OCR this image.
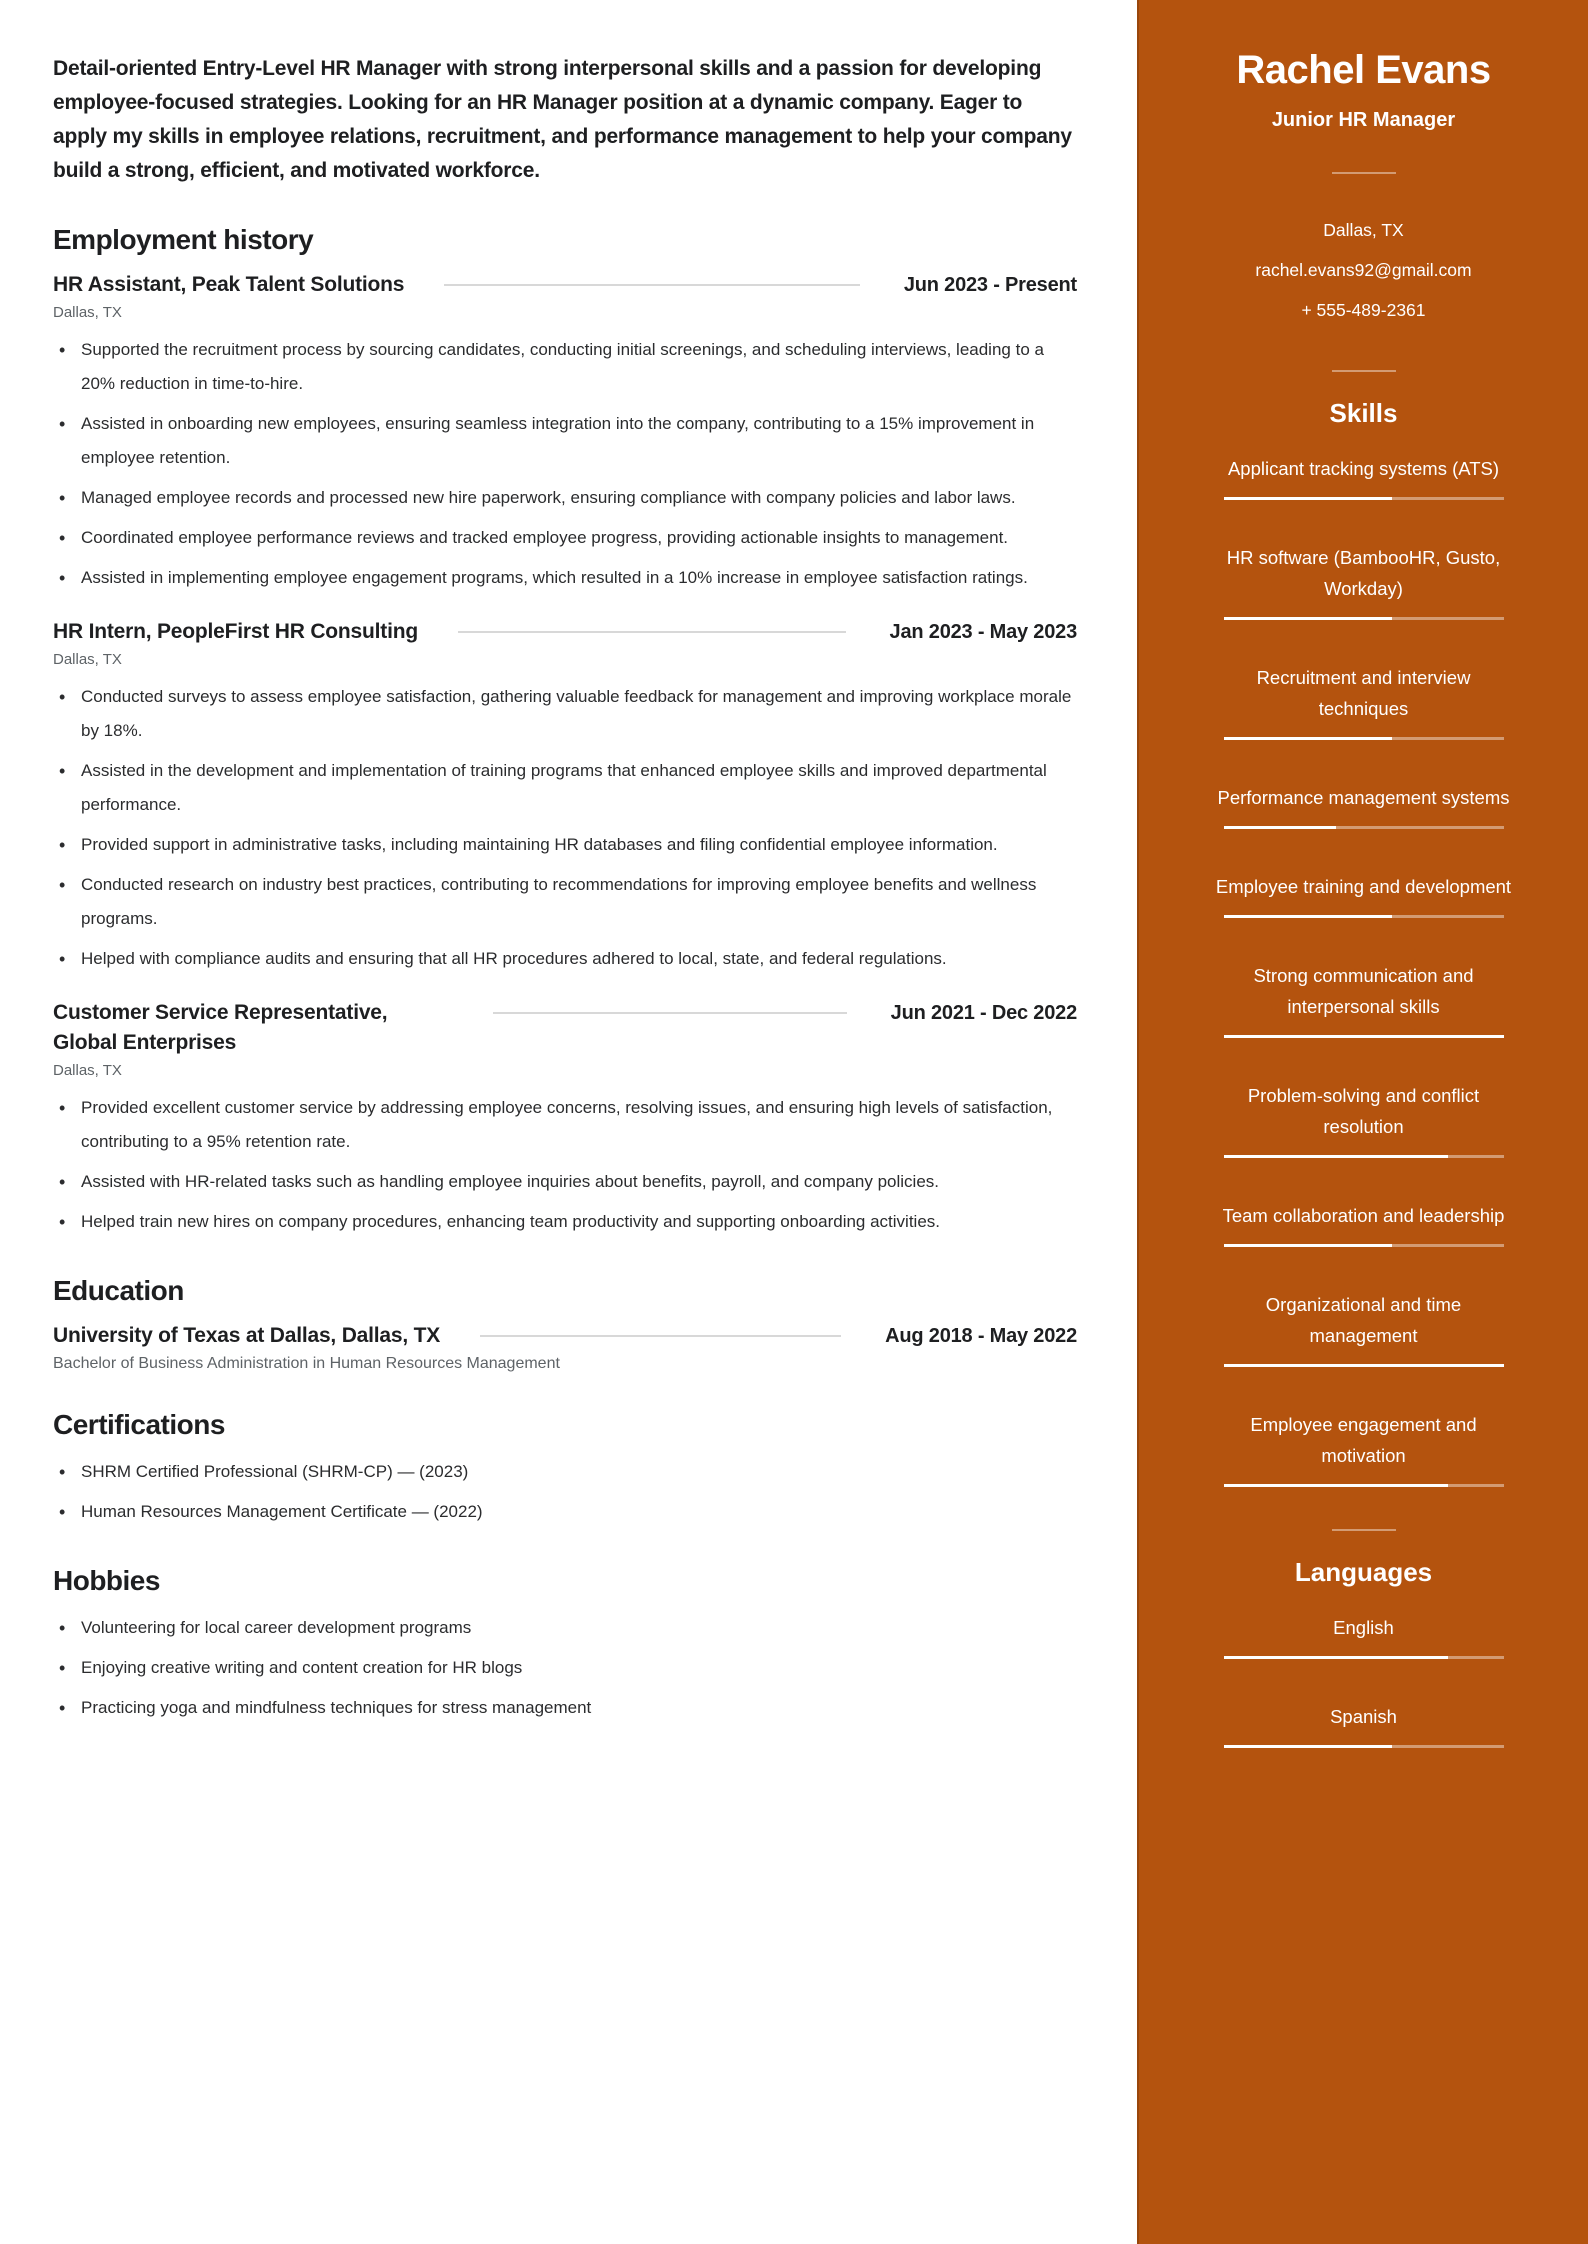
Detail-oriented Entry-Level HR Manager with strong interpersonal skills and a passion for developing employee-focused strategies. Looking for an HR Manager position at a dynamic company. Eager to apply my skills in employee relations, recruitment, and performance management to help your company build a strong, efficient, and motivated workforce.

Employment history
HR Assistant, Peak Talent Solutions	Jun 2023 - Present
Dallas, TX
• Supported the recruitment process by sourcing candidates, conducting initial screenings, and scheduling interviews, leading to a 20% reduction in time-to-hire.
• Assisted in onboarding new employees, ensuring seamless integration into the company, contributing to a 15% improvement in employee retention.
• Managed employee records and processed new hire paperwork, ensuring compliance with company policies and labor laws.
• Coordinated employee performance reviews and tracked employee progress, providing actionable insights to management.
• Assisted in implementing employee engagement programs, which resulted in a 10% increase in employee satisfaction ratings.
HR Intern, PeopleFirst HR Consulting	Jan 2023 - May 2023
Dallas, TX
• Conducted surveys to assess employee satisfaction, gathering valuable feedback for management and improving workplace morale by 18%.
• Assisted in the development and implementation of training programs that enhanced employee skills and improved departmental performance.
• Provided support in administrative tasks, including maintaining HR databases and filing confidential employee information.
• Conducted research on industry best practices, contributing to recommendations for improving employee benefits and wellness programs.
• Helped with compliance audits and ensuring that all HR procedures adhered to local, state, and federal regulations.
Customer Service Representative, Global Enterprises
Jun 2021 - Dec 2022
Dallas, TX
• Provided excellent customer service by addressing employee concerns, resolving issues, and ensuring high levels of satisfaction, contributing to a 95% retention rate.
• Assisted with HR-related tasks such as handling employee inquiries about benefits, payroll, and company policies.
• Helped train new hires on company procedures, enhancing team productivity and supporting onboarding activities.
Education
University of Texas at Dallas, Dallas, TX	Aug 2018 - May 2022
Bachelor of Business Administration in Human Resources Management
Certifications
• SHRM Certified Professional (SHRM-CP) — (2023)
• Human Resources Management Certificate — (2022)
Hobbies
• Volunteering for local career development programs
• Enjoying creative writing and content creation for HR blogs
• Practicing yoga and mindfulness techniques for stress management
Rachel Evans
Junior HR Manager

Dallas, TX

rachel.evans92@gmail.com

+ 555-489-2361

Skills
Applicant tracking systems (ATS)
HR software (BambooHR, Gusto, Workday)
Recruitment and interview techniques
Performance management systems
Employee training and development
Strong communication and interpersonal skills
Problem-solving and conflict resolution
Team collaboration and leadership
Organizational and time management
Employee engagement and motivation
Languages
English
Spanish
